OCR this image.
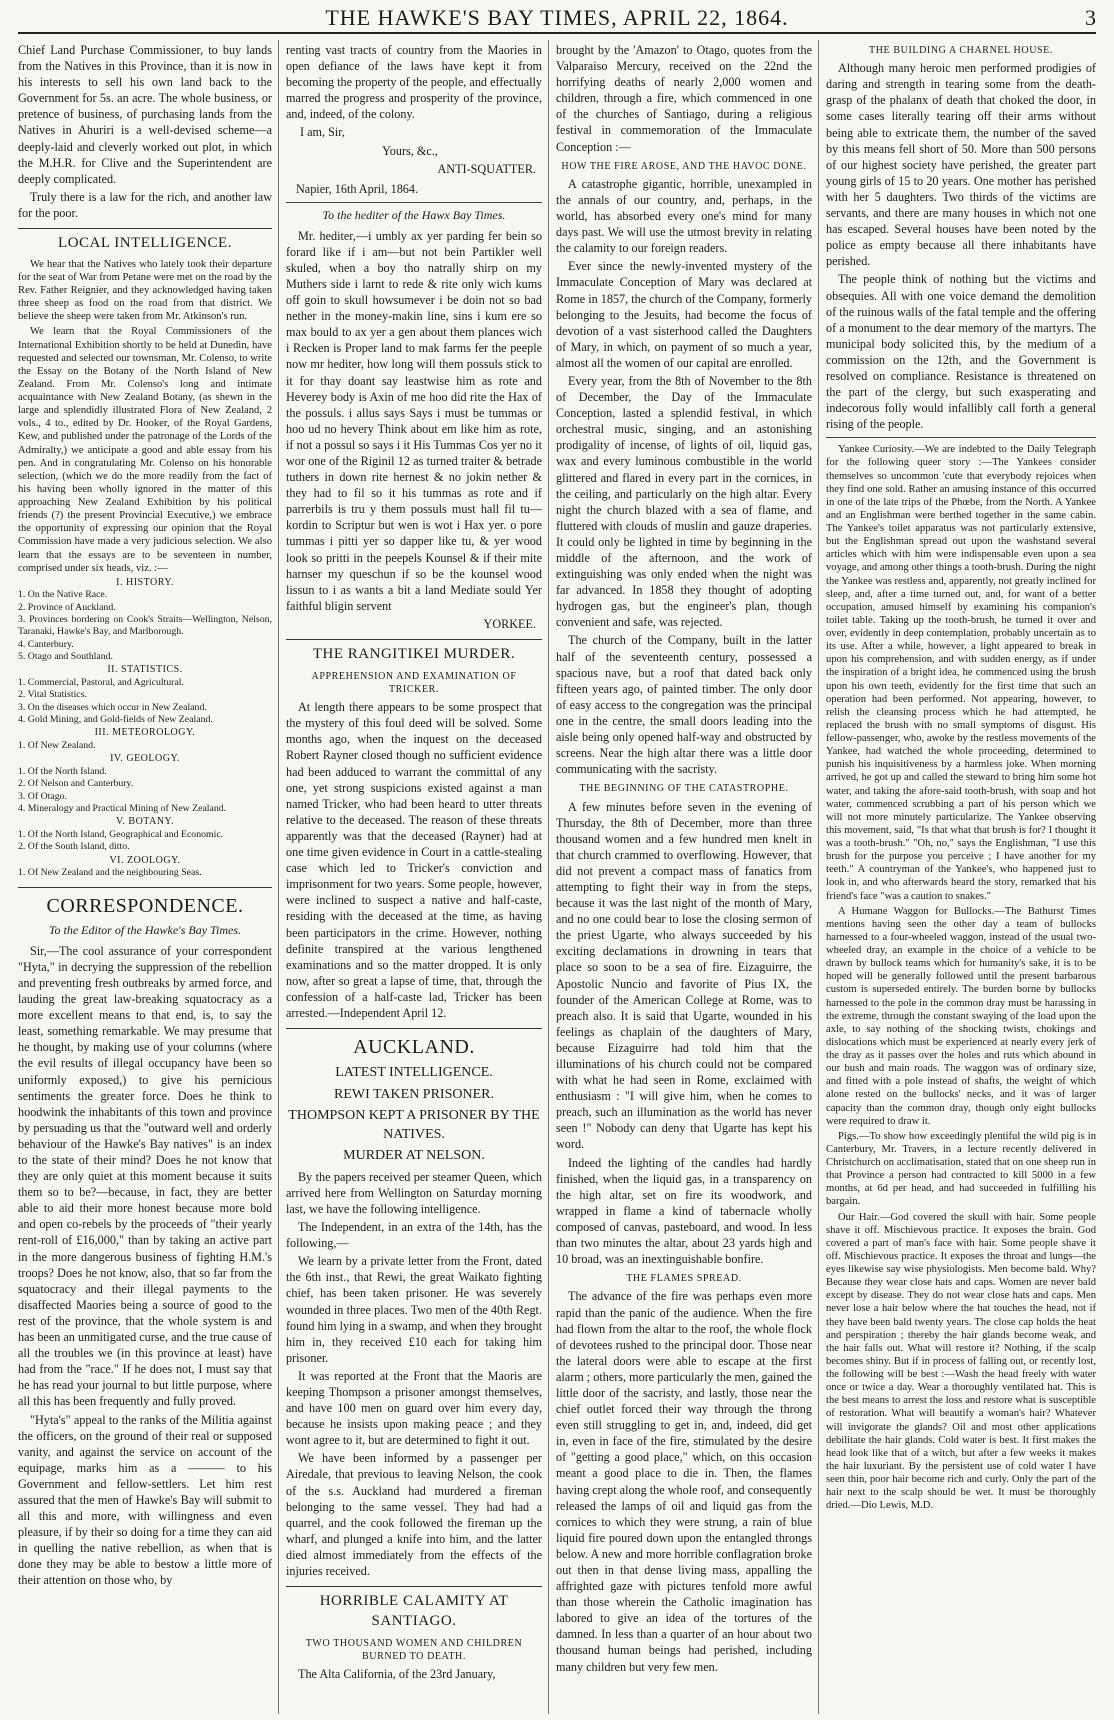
THE HAWKE'S BAY TIMES, APRIL 22, 1864.	3

Chief Land Purchase Commissioner, to buy lands from the Natives in this Province, than it is now in his interests to sell his own land back to the Government for 5s. an acre. The whole business, or pretence of business, of purchasing lands from the Natives in Ahuriri is a well-devised scheme—a deeply-laid and cleverly worked out plot, in which the M.H.R. for Clive and the Superintendent are deeply complicated.

Truly there is a law for the rich, and another law for the poor.

LOCAL INTELLIGENCE.

We hear that the Natives who lately took their departure for the seat of War from Petane were met on the road by the Rev. Father Reignier, and they acknowledged having taken three sheep as food on the road from that district. We believe the sheep were taken from Mr. Atkinson's run.

We learn that the Royal Commissioners of the International Exhibition shortly to be held at Dunedin, have requested and selected our townsman, Mr. Colenso, to write the Essay on the Botany of the North Island of New Zealand. From Mr. Colenso's long and intimate acquaintance with New Zealand Botany, (as shewn in the large and splendidly illustrated Flora of New Zealand, 2 vols., 4 to., edited by Dr. Hooker, of the Royal Gardens, Kew, and published under the patronage of the Lords of the Admiralty,) we anticipate a good and able essay from his pen. And in congratulating Mr. Colenso on his honorable selection, (which we do the more readily from the fact of his having been wholly ignored in the matter of this approaching New Zealand Exhibition by his political friends (?) the present Provincial Executive,) we embrace the opportunity of expressing our opinion that the Royal Commission have made a very judicious selection. We also learn that the essays are to be seventeen in number, comprised under six heads, viz. :—

I. HISTORY.
1. On the Native Race.
2. Province of Auckland.
3. Provinces bordering on Cook's Straits—Wellington, Nelson, Taranaki, Hawke's Bay, and Marlborough.
4. Canterbury.
5. Otago and Southland.
II. STATISTICS.
1. Commercial, Pastoral, and Agricultural.
2. Vital Statistics.
3. On the diseases which occur in New Zealand.
4. Gold Mining, and Gold-fields of New Zealand.
III. METEOROLOGY.
1. Of New Zealand.
IV. GEOLOGY.
1. Of the North Island.
2. Of Nelson and Canterbury.
3. Of Otago.
4. Mineralogy and Practical Mining of New Zealand.
V. BOTANY.
1. Of the North Island, Geographical and Economic.
2. Of the South Island, ditto.
VI. ZOOLOGY.
1. Of New Zealand and the neighbouring Seas.
CORRESPONDENCE.
To the Editor of the Hawke's Bay Times.

Sir,—The cool assurance of your correspondent "Hyta," in decrying the suppression of the rebellion and preventing fresh outbreaks by armed force, and lauding the great law-breaking squatocracy as a more excellent means to that end, is, to say the least, something remarkable. We may presume that he thought, by making use of your columns (where the evil results of illegal occupancy have been so uniformly exposed,) to give his pernicious sentiments the greater force. Does he think to hoodwink the inhabitants of this town and province by persuading us that the "outward well and orderly behaviour of the Hawke's Bay natives" is an index to the state of their mind? Does he not know that they are only quiet at this moment because it suits them so to be?—because, in fact, they are better able to aid their more honest because more bold and open co-rebels by the proceeds of "their yearly rent-roll of £16,000," than by taking an active part in the more dangerous business of fighting H.M.'s troops? Does he not know, also, that so far from the squatocracy and their illegal payments to the disaffected Maories being a source of good to the rest of the province, that the whole system is and has been an unmitigated curse, and the true cause of all the troubles we (in this province at least) have had from the "race." If he does not, I must say that he has read your journal to but little purpose, where all this has been frequently and fully proved.

"Hyta's" appeal to the ranks of the Militia against the officers, on the ground of their real or supposed vanity, and against the service on account of the equipage, marks him as a ——— to his Government and fellow-settlers. Let him rest assured that the men of Hawke's Bay will submit to all this and more, with willingness and even pleasure, if by their so doing for a time they can aid in quelling the native rebellion, as when that is done they may be able to bestow a little more of their attention on those who, by

renting vast tracts of country from the Maories in open defiance of the laws have kept it from becoming the property of the people, and effectually marred the progress and prosperity of the province, and, indeed, of the colony.

I am, Sir,
Yours, &c.,
ANTI-SQUATTER.
Napier, 16th April, 1864.
To the hediter of the Hawx Bay Times.

Mr. hediter,—i umbly ax yer parding fer bein so forard like if i am—but not bein Partikler well skuled, when a boy tho natrally shirp on my Muthers side i larnt to rede & rite only wich kums off goin to skull howsumever i be doin not so bad nether in the money-makin line, sins i kum ere so max bould to ax yer a gen about them plances wich i Recken is Proper land to mak farms fer the peeple now mr hediter, how long will them possuls stick to it for thay doant say leastwise him as rote and Heverey body is Axin of me hoo did rite the Hax of the possuls. i allus says Says i must be tummas or hoo ud no hevery Think about em like him as rote, if not a possul so says i it His Tummas Cos yer no it wor one of the Riginil 12 as turned traiter & betrade tuthers in down rite hernest & no jokin nether & they had to fil so it his tummas as rote and if parrerbils is tru y them possuls must hall fil tu—kordin to Scriptur but wen is wot i Hax yer. o pore tummas i pitti yer so dapper like tu, & yer wood look so pritti in the peepels Kounsel & if their mite harnser my queschun if so be the kounsel wood lissun to i as wants a bit a land Mediate sould Yer faithful bligin servent

YORKEE.
THE RANGITIKEI MURDER.
APPREHENSION AND EXAMINATION OF TRICKER.

At length there appears to be some prospect that the mystery of this foul deed will be solved. Some months ago, when the inquest on the deceased Robert Rayner closed though no sufficient evidence had been adduced to warrant the committal of any one, yet strong suspicions existed against a man named Tricker, who had been heard to utter threats relative to the deceased. The reason of these threats apparently was that the deceased (Rayner) had at one time given evidence in Court in a cattle-stealing case which led to Tricker's conviction and imprisonment for two years. Some people, however, were inclined to suspect a native and half-caste, residing with the deceased at the time, as having been participators in the crime. However, nothing definite transpired at the various lengthened examinations and so the matter dropped. It is only now, after so great a lapse of time, that, through the confession of a half-caste lad, Tricker has been arrested.—Independent April 12.

AUCKLAND.
LATEST INTELLIGENCE.
REWI TAKEN PRISONER.
THOMPSON KEPT A PRISONER BY THE NATIVES.
MURDER AT NELSON.

By the papers received per steamer Queen, which arrived here from Wellington on Saturday morning last, we have the following intelligence.

The Independent, in an extra of the 14th, has the following,—

We learn by a private letter from the Front, dated the 6th inst., that Rewi, the great Waikato fighting chief, has been taken prisoner. He was severely wounded in three places. Two men of the 40th Regt. found him lying in a swamp, and when they brought him in, they received £10 each for taking him prisoner.

It was reported at the Front that the Maoris are keeping Thompson a prisoner amongst themselves, and have 100 men on guard over him every day, because he insists upon making peace ; and they wont agree to it, but are determined to fight it out.

We have been informed by a passenger per Airedale, that previous to leaving Nelson, the cook of the s.s. Auckland had murdered a fireman belonging to the same vessel. They had had a quarrel, and the cook followed the fireman up the wharf, and plunged a knife into him, and the latter died almost immediately from the effects of the injuries received.

HORRIBLE CALAMITY AT SANTIAGO.
TWO THOUSAND WOMEN AND CHILDREN BURNED TO DEATH.

The Alta California, of the 23rd January,

brought by the 'Amazon' to Otago, quotes from the Valparaiso Mercury, received on the 22nd the horrifying deaths of nearly 2,000 women and children, through a fire, which commenced in one of the churches of Santiago, during a religious festival in commemoration of the Immaculate Conception :—

HOW THE FIRE AROSE, AND THE HAVOC DONE.

A catastrophe gigantic, horrible, unexampled in the annals of our country, and, perhaps, in the world, has absorbed every one's mind for many days past. We will use the utmost brevity in relating the calamity to our foreign readers.

Ever since the newly-invented mystery of the Immaculate Conception of Mary was declared at Rome in 1857, the church of the Company, formerly belonging to the Jesuits, had become the focus of devotion of a vast sisterhood called the Daughters of Mary, in which, on payment of so much a year, almost all the women of our capital are enrolled.

Every year, from the 8th of November to the 8th of December, the Day of the Immaculate Conception, lasted a splendid festival, in which orchestral music, singing, and an astonishing prodigality of incense, of lights of oil, liquid gas, wax and every luminous combustible in the world glittered and flared in every part in the cornices, in the ceiling, and particularly on the high altar. Every night the church blazed with a sea of flame, and fluttered with clouds of muslin and gauze draperies. It could only be lighted in time by beginning in the middle of the afternoon, and the work of extinguishing was only ended when the night was far advanced. In 1858 they thought of adopting hydrogen gas, but the engineer's plan, though convenient and safe, was rejected.

The church of the Company, built in the latter half of the seventeenth century, possessed a spacious nave, but a roof that dated back only fifteen years ago, of painted timber. The only door of easy access to the congregation was the principal one in the centre, the small doors leading into the aisle being only opened half-way and obstructed by screens. Near the high altar there was a little door communicating with the sacristy.

THE BEGINNING OF THE CATASTROPHE.

A few minutes before seven in the evening of Thursday, the 8th of December, more than three thousand women and a few hundred men knelt in that church crammed to overflowing. However, that did not prevent a compact mass of fanatics from attempting to fight their way in from the steps, because it was the last night of the month of Mary, and no one could bear to lose the closing sermon of the priest Ugarte, who always succeeded by his exciting declamations in drowning in tears that place so soon to be a sea of fire. Eizaguirre, the Apostolic Nuncio and favorite of Pius IX, the founder of the American College at Rome, was to preach also. It is said that Ugarte, wounded in his feelings as chaplain of the daughters of Mary, because Eizaguirre had told him that the illuminations of his church could not be compared with what he had seen in Rome, exclaimed with enthusiasm : "I will give him, when he comes to preach, such an illumination as the world has never seen !" Nobody can deny that Ugarte has kept his word.

Indeed the lighting of the candles had hardly finished, when the liquid gas, in a transparency on the high altar, set on fire its woodwork, and wrapped in flame a kind of tabernacle wholly composed of canvas, pasteboard, and wood. In less than two minutes the altar, about 23 yards high and 10 broad, was an inextinguishable bonfire.

THE FLAMES SPREAD.

The advance of the fire was perhaps even more rapid than the panic of the audience. When the fire had flown from the altar to the roof, the whole flock of devotees rushed to the principal door. Those near the lateral doors were able to escape at the first alarm ; others, more particularly the men, gained the little door of the sacristy, and lastly, those near the chief outlet forced their way through the throng even still struggling to get in, and, indeed, did get in, even in face of the fire, stimulated by the desire of "getting a good place," which, on this occasion meant a good place to die in. Then, the flames having crept along the whole roof, and consequently released the lamps of oil and liquid gas from the cornices to which they were strung, a rain of blue liquid fire poured down upon the entangled throngs below. A new and more horrible conflagration broke out then in that dense living mass, appalling the affrighted gaze with pictures tenfold more awful than those wherein the Catholic imagination has labored to give an idea of the tortures of the damned. In less than a quarter of an hour about two thousand human beings had perished, including many children but very few men.

THE BUILDING A CHARNEL HOUSE.

Although many heroic men performed prodigies of daring and strength in tearing some from the death-grasp of the phalanx of death that choked the door, in some cases literally tearing off their arms without being able to extricate them, the number of the saved by this means fell short of 50. More than 500 persons of our highest society have perished, the greater part young girls of 15 to 20 years. One mother has perished with her 5 daughters. Two thirds of the victims are servants, and there are many houses in which not one has escaped. Several houses have been noted by the police as empty because all there inhabitants have perished.

The people think of nothing but the victims and obsequies. All with one voice demand the demolition of the ruinous walls of the fatal temple and the offering of a monument to the dear memory of the martyrs. The municipal body solicited this, by the medium of a commission on the 12th, and the Government is resolved on compliance. Resistance is threatened on the part of the clergy, but such exasperating and indecorous folly would infallibly call forth a general rising of the people.

Yankee Curiosity.—We are indebted to the Daily Telegraph for the following queer story :—The Yankees consider themselves so uncommon 'cute that everybody rejoices when they find one sold. Rather an amusing instance of this occurred in one of the late trips of the Phœbe, from the North. A Yankee and an Englishman were berthed together in the same cabin. The Yankee's toilet apparatus was not particularly extensive, but the Englishman spread out upon the washstand several articles which with him were indispensable even upon a sea voyage, and among other things a tooth-brush. During the night the Yankee was restless and, apparently, not greatly inclined for sleep, and, after a time turned out, and, for want of a better occupation, amused himself by examining his companion's toilet table. Taking up the tooth-brush, he turned it over and over, evidently in deep contemplation, probably uncertain as to its use. After a while, however, a light appeared to break in upon his comprehension, and with sudden energy, as if under the inspiration of a bright idea, he commenced using the brush upon his own teeth, evidently for the first time that such an operation had been performed. Not appearing, however, to relish the cleansing process which he had attempted, he replaced the brush with no small symptoms of disgust. His fellow-passenger, who, awoke by the restless movements of the Yankee, had watched the whole proceeding, determined to punish his inquisitiveness by a harmless joke. When morning arrived, he got up and called the steward to bring him some hot water, and taking the afore-said tooth-brush, with soap and hot water, commenced scrubbing a part of his person which we will not more minutely particularize. The Yankee observing this movement, said, "Is that what that brush is for? I thought it was a tooth-brush." "Oh, no," says the Englishman, "I use this brush for the purpose you perceive ; I have another for my teeth." A countryman of the Yankee's, who happened just to look in, and who afterwards heard the story, remarked that his friend's face "was a caution to snakes."

A Humane Waggon for Bullocks.—The Bathurst Times mentions having seen the other day a team of bullocks harnessed to a four-wheeled waggon, instead of the usual two-wheeled dray, an example in the choice of a vehicle to be drawn by bullock teams which for humanity's sake, it is to be hoped will be generally followed until the present barbarous custom is superseded entirely. The burden borne by bullocks harnessed to the pole in the common dray must be harassing in the extreme, through the constant swaying of the load upon the axle, to say nothing of the shocking twists, chokings and dislocations which must be experienced at nearly every jerk of the dray as it passes over the holes and ruts which abound in our bush and main roads. The waggon was of ordinary size, and fitted with a pole instead of shafts, the weight of which alone rested on the bullocks' necks, and it was of larger capacity than the common dray, though only eight bullocks were required to draw it.

Pigs.—To show how exceedingly plentiful the wild pig is in Canterbury, Mr. Travers, in a lecture recently delivered in Christchurch on acclimatisation, stated that on one sheep run in that Province a person had contracted to kill 5000 in a few months, at 6d per head, and had succeeded in fulfilling his bargain.

Our Hair.—God covered the skull with hair. Some people shave it off. Mischievous practice. It exposes the brain. God covered a part of man's face with hair. Some people shave it off. Mischievous practice. It exposes the throat and lungs—the eyes likewise say wise physiologists. Men become bald. Why? Because they wear close hats and caps. Women are never bald except by disease. They do not wear close hats and caps. Men never lose a hair below where the hat touches the head, not if they have been bald twenty years. The close cap holds the heat and perspiration ; thereby the hair glands become weak, and the hair falls out. What will restore it? Nothing, if the scalp becomes shiny. But if in process of falling out, or recently lost, the following will be best :—Wash the head freely with water once or twice a day. Wear a thoroughly ventilated hat. This is the best means to arrest the loss and restore what is susceptible of restoration. What will beautify a woman's hair? Whatever will invigorate the glands? Oil and most other applications debilitate the hair glands. Cold water is best. It first makes the head look like that of a witch, but after a few weeks it makes the hair luxuriant. By the persistent use of cold water I have seen thin, poor hair become rich and curly. Only the part of the hair next to the scalp should be wet. It must be thoroughly dried.—Dio Lewis, M.D.
